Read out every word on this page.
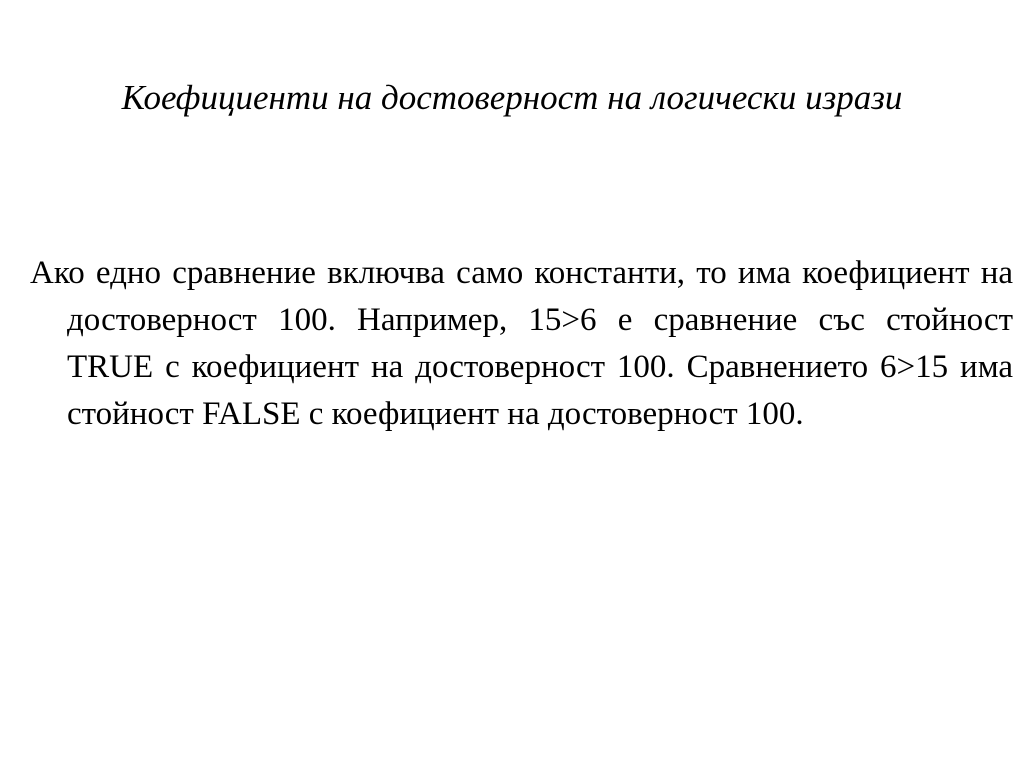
Коефициенти на достоверност на логически изрази

Ако едно сравнение включва само константи, то има коефициент на достоверност 100. Например, 15>6 е сравнение със стойност TRUE с коефициент на достоверност 100. Сравнението 6>15 има стойност FALSE с коефициент на достоверност 100.
